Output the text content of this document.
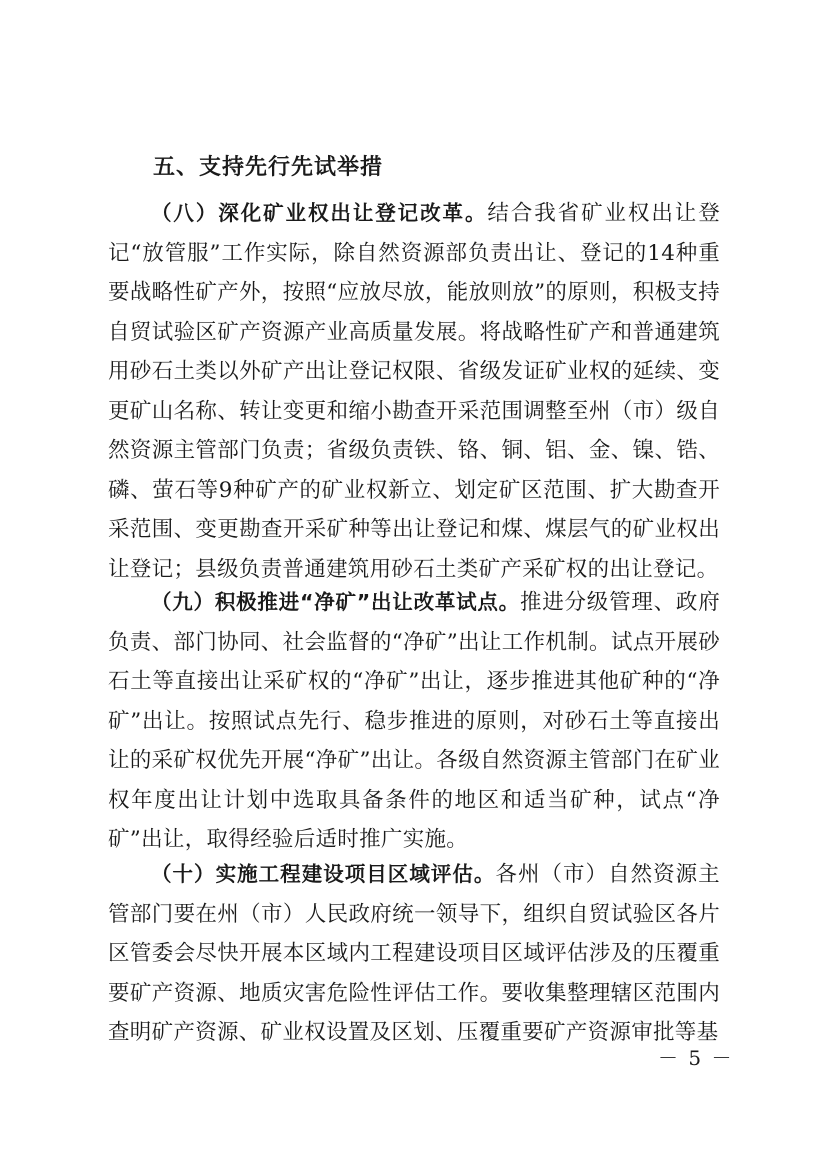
五、支持先行先试举措
（八）深化矿业权出让登记改革。结合我省矿业权出让登记“放管服”工作实际，除自然资源部负责出让、登记的14种重要战略性矿产外，按照“应放尽放，能放则放”的原则，积极支持自贸试验区矿产资源产业高质量发展。将战略性矿产和普通建筑用砂石土类以外矿产出让登记权限、省级发证矿业权的延续、变更矿山名称、转让变更和缩小勘查开采范围调整至州（市）级自然资源主管部门负责；省级负责铁、铬、铜、铝、金、镍、锆、磷、萤石等9种矿产的矿业权新立、划定矿区范围、扩大勘查开采范围、变更勘查开采矿种等出让登记和煤、煤层气的矿业权出让登记；县级负责普通建筑用砂石土类矿产采矿权的出让登记。
（九）积极推进“净矿”出让改革试点。推进分级管理、政府负责、部门协同、社会监督的“净矿”出让工作机制。试点开展砂石土等直接出让采矿权的“净矿”出让，逐步推进其他矿种的“净矿”出让。按照试点先行、稳步推进的原则，对砂石土等直接出让的采矿权优先开展“净矿”出让。各级自然资源主管部门在矿业权年度出让计划中选取具备条件的地区和适当矿种，试点“净矿”出让，取得经验后适时推广实施。
（十）实施工程建设项目区域评估。各州（市）自然资源主管部门要在州（市）人民政府统一领导下，组织自贸试验区各片区管委会尽快开展本区域内工程建设项目区域评估涉及的压覆重要矿产资源、地质灾害危险性评估工作。要收集整理辖区范围内查明矿产资源、矿业权设置及区划、压覆重要矿产资源审批等基
－ 5 －
